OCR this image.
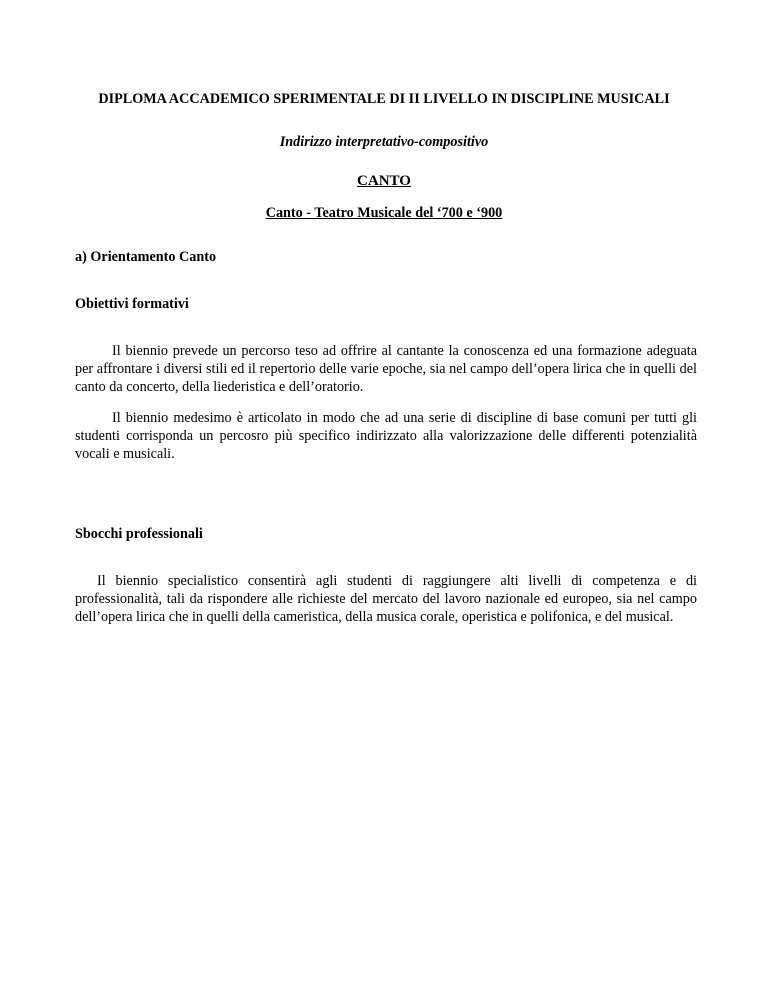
DIPLOMA ACCADEMICO SPERIMENTALE DI II LIVELLO IN DISCIPLINE MUSICALI
Indirizzo interpretativo-compositivo
CANTO
Canto - Teatro Musicale del ‘700 e ‘900
a) Orientamento Canto
Obiettivi formativi
Il biennio prevede un percorso teso ad offrire al cantante la conoscenza ed una formazione adeguata per affrontare i diversi stili ed il repertorio delle varie epoche, sia nel campo dell’opera lirica che in quelli del canto da concerto, della liederistica e dell’oratorio.
Il biennio medesimo è articolato in modo che ad una serie di discipline di base comuni per tutti gli studenti corrisponda un percosro più specifico indirizzato alla valorizzazione delle differenti potenzialità vocali e musicali.
Sbocchi professionali
Il biennio specialistico consentirà agli studenti di raggiungere alti livelli di competenza e di professionalità, tali da rispondere alle richieste del mercato del lavoro nazionale ed europeo, sia nel campo dell’opera lirica che in quelli della cameristica, della musica corale, operistica e polifonica, e del musical.
